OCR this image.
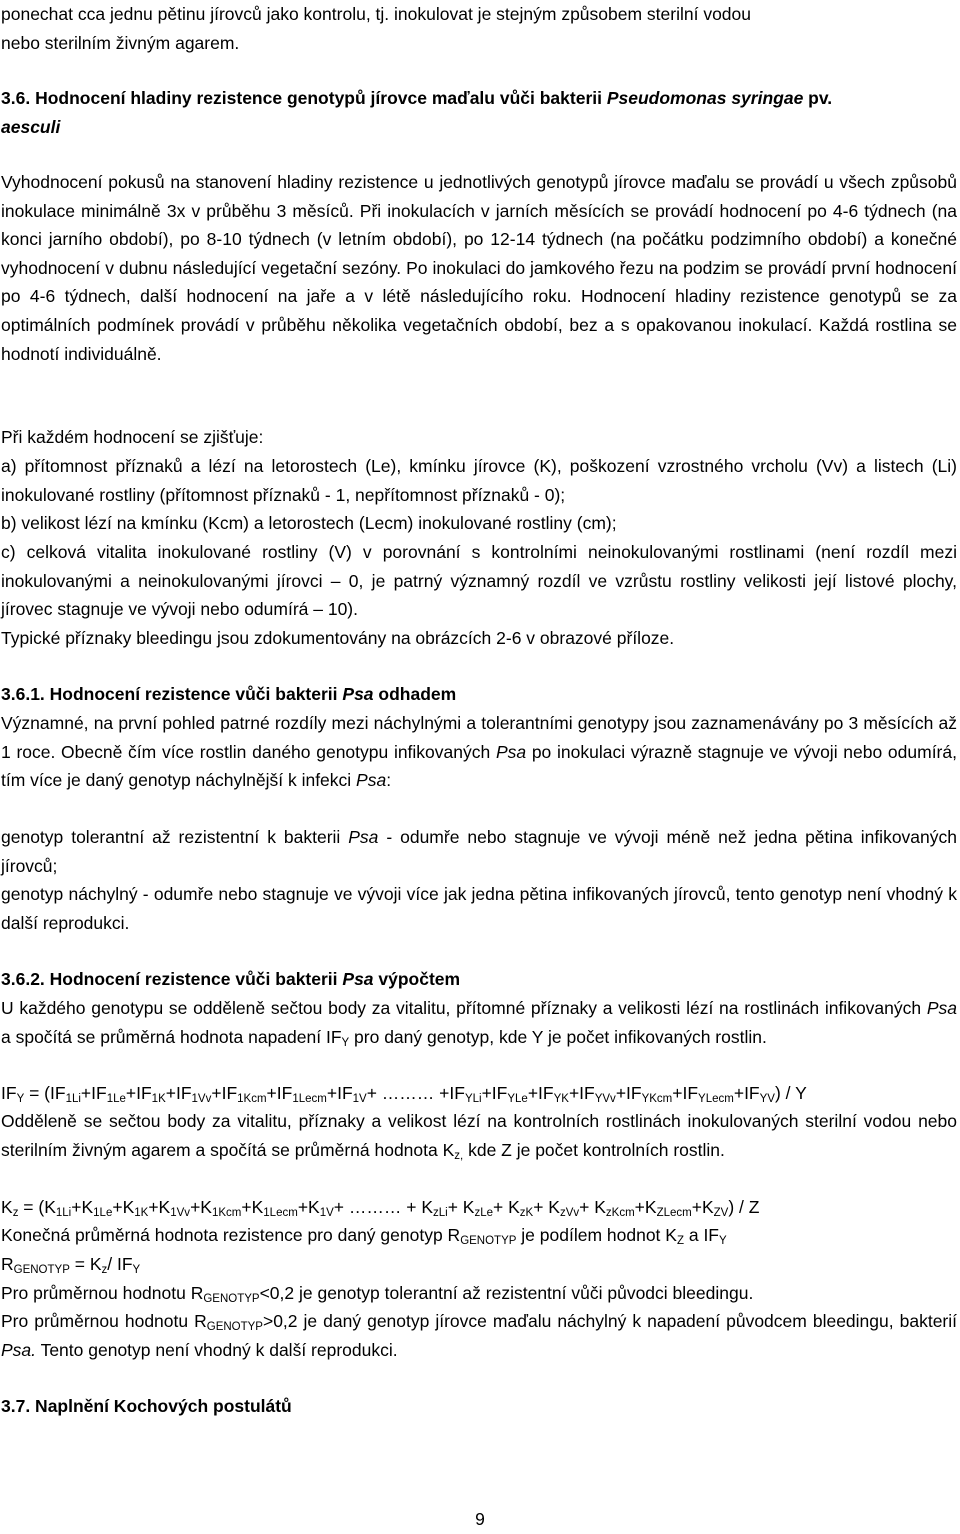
ponechat cca jednu pětinu jírovců jako kontrolu, tj. inokulovat je stejným způsobem sterilní vodou
nebo sterilním živným agarem.

3.6. Hodnocení hladiny rezistence genotypů jírovce maďalu vůči bakterii Pseudomonas syringae pv.
aesculi

Vyhodnocení pokusů na stanovení hladiny rezistence u jednotlivých genotypů jírovce maďalu se provádí u všech způsobů inokulace minimálně 3x v průběhu 3 měsíců. Při inokulacích v jarních měsících se provádí hodnocení po 4-6 týdnech (na konci jarního období), po 8-10 týdnech (v letním období), po 12-14 týdnech (na počátku podzimního období) a konečné vyhodnocení v dubnu následující vegetační sezóny. Po inokulaci do jamkového řezu na podzim se provádí první hodnocení po 4-6 týdnech, další hodnocení na jaře a v létě následujícího roku. Hodnocení hladiny rezistence genotypů se za optimálních podmínek provádí v průběhu několika vegetačních období, bez a s opakovanou inokulací. Každá rostlina se hodnotí individuálně.

Při každém hodnocení se zjišťuje:

a) přítomnost příznaků a lézí na letorostech (Le), kmínku jírovce (K), poškození vzrostného vrcholu (Vv) a listech (Li) inokulované rostliny (přítomnost příznaků - 1, nepřítomnost příznaků - 0);

b) velikost lézí na kmínku (Kcm) a letorostech (Lecm) inokulované rostliny (cm);

c) celková vitalita inokulované rostliny (V) v porovnání s kontrolními neinokulovanými rostlinami (není rozdíl mezi inokulovanými a neinokulovanými jírovci – 0, je patrný významný rozdíl ve vzrůstu rostliny velikosti její listové plochy, jírovec stagnuje ve vývoji nebo odumírá – 10).

Typické příznaky bleedingu jsou zdokumentovány na obrázcích 2-6 v obrazové příloze.

3.6.1. Hodnocení rezistence vůči bakterii Psa odhadem

Významné, na první pohled patrné rozdíly mezi náchylnými a tolerantními genotypy jsou zaznamenávány po 3 měsících až 1 roce. Obecně čím více rostlin daného genotypu infikovaných Psa po inokulaci výrazně stagnuje ve vývoji nebo odumírá, tím více je daný genotyp náchylnější k infekci Psa:

genotyp tolerantní až rezistentní k bakterii Psa - odumře nebo stagnuje ve vývoji méně než jedna pětina infikovaných jírovců;

genotyp náchylný - odumře nebo stagnuje ve vývoji více jak jedna pětina infikovaných jírovců, tento genotyp není vhodný k další reprodukci.

3.6.2. Hodnocení rezistence vůči bakterii Psa výpočtem

U každého genotypu se odděleně sečtou body za vitalitu, přítomné příznaky a velikosti lézí na rostlinách infikovaných Psa a spočítá se průměrná hodnota napadení $IF_Y$ pro daný genotyp, kde Y je počet infikovaných rostlin.

$IF_Y = (IF_{1Li}+IF_{1Le}+IF_{1K}+IF_{1Vv}+IF_{1Kcm}+IF_{1Lecm}+IF_{1V}+$ ……… $+IF_{YLi}+IF_{YLe}+IF_{YK}+IF_{YVv}+IF_{YKcm}+IF_{YLecm}+IF_{YV}) / Y$

Odděleně se sečtou body za vitalitu, příznaky a velikost lézí na kontrolních rostlinách inokulovaných sterilní vodou nebo sterilním živným agarem a spočítá se průměrná hodnota $K_{z,}$ kde Z je počet kontrolních rostlin.

$K_z = (K_{1Li}+K_{1Le}+K_{1K}+K_{1Vv}+K_{1Kcm}+K_{1Lecm}+K_{1V}+$ ……… + $K_{zLi}+ K_{zLe}+ K_{zK}+ K_{zVv}+ K_{zKcm}+K_{ZLecm}+K_{ZV}) / Z$

Konečná průměrná hodnota rezistence pro daný genotyp $R_{GENOTYP}$ je podílem hodnot $K_Z$ a $IF_Y$

$R_{GENOTYP} = K_z/$ $IF_Y$

Pro průměrnou hodnotu $R_{GENOTYP}<0,2$ je genotyp tolerantní až rezistentní vůči původci bleedingu.

Pro průměrnou hodnotu $R_{GENOTYP}>0,2$ je daný genotyp jírovce maďalu náchylný k napadení původcem bleedingu, bakterií Psa. Tento genotyp není vhodný k další reprodukci.

3.7. Naplnění Kochových postulátů

9
